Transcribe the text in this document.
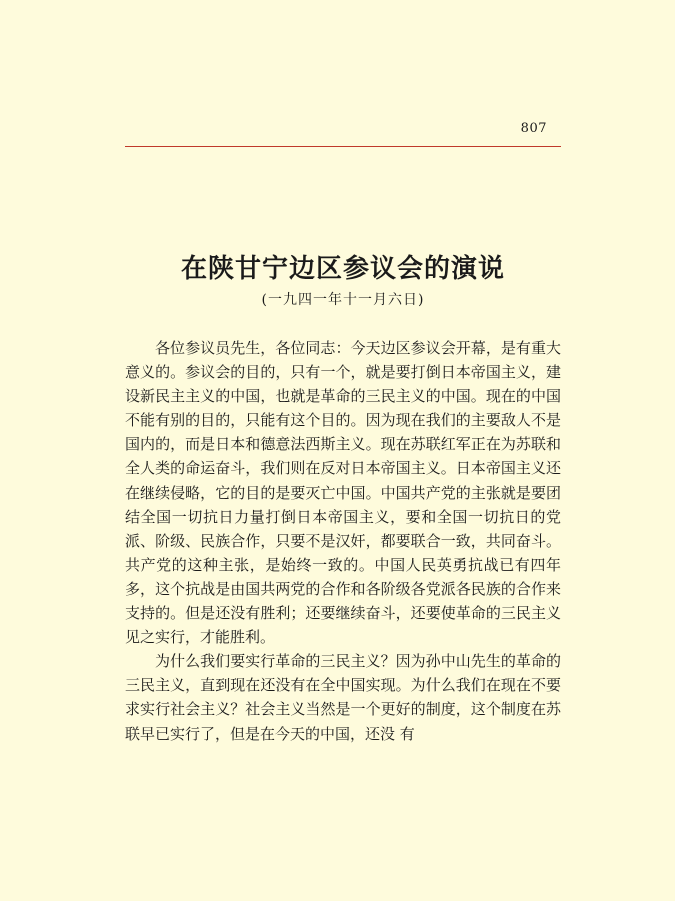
807
在陕甘宁边区参议会的演说
(一九四一年十一月六日)

各位参议员先生，各位同志：今天边区参议会开幕，是有重大意义的。参议会的目的，只有一个，就是要打倒日本帝国主义，建设新民主主义的中国，也就是革命的三民主义的中国。现在的中国不能有别的目的，只能有这个目的。因为现在我们的主要敌人不是国内的，而是日本和德意法西斯主义。现在苏联红军正在为苏联和全人类的命运奋斗，我们则在反对日本帝国主义。日本帝国主义还在继续侵略，它的目的是要灭亡中国。中国共产党的主张就是要团结全国一切抗日力量打倒日本帝国主义，要和全国一切抗日的党派、阶级、民族合作，只要不是汉奸，都要联合一致，共同奋斗。共产党的这种主张，是始终一致的。中国人民英勇抗战已有四年多，这个抗战是由国共两党的合作和各阶级各党派各民族的合作来支持的。但是还没有胜利；还要继续奋斗，还要使革命的三民主义见之实行，才能胜利。

为什么我们要实行革命的三民主义？因为孙中山先生的革命的三民主义，直到现在还没有在全中国实现。为什么我们在现在不要求实行社会主义？社会主义当然是一个更好的制度，这个制度在苏联早已实行了，但是在今天的中国，还没 有
